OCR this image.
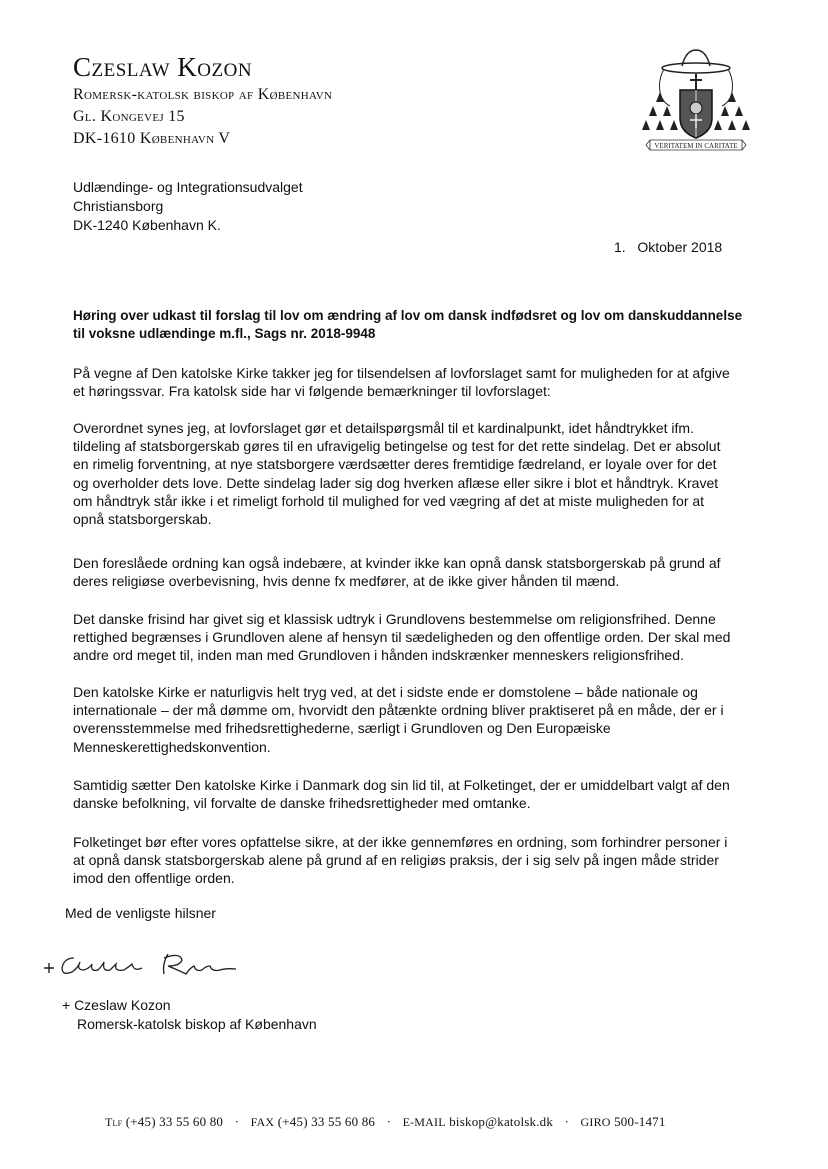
Czeslaw Kozon
Romersk-katolsk biskop af København
Gl. Kongevej 15
DK-1610 København V	VERITATEM IN CARITATE
Udlændinge- og Integrationsudvalget
Christiansborg
DK-1240 København K.
1.   Oktober 2018
Høring over udkast til forslag til lov om ændring af lov om dansk indfødsret og lov om danskuddannelse
til voksne udlændinge m.fl., Sags nr. 2018-9948
På vegne af Den katolske Kirke takker jeg for tilsendelsen af lovforslaget samt for muligheden for at afgive
et høringssvar. Fra katolsk side har vi følgende bemærkninger til lovforslaget:
Overordnet synes jeg, at lovforslaget gør et detailspørgsmål til et kardinalpunkt, idet håndtrykket ifm.
tildeling af statsborgerskab gøres til en ufravigelig betingelse og test for det rette sindelag. Det er absolut
en rimelig forventning, at nye statsborgere værdsætter deres fremtidige fædreland, er loyale over for det
og overholder dets love. Dette sindelag lader sig dog hverken aflæse eller sikre i blot et håndtryk. Kravet
om håndtryk står ikke i et rimeligt forhold til mulighed for ved vægring af det at miste muligheden for at
opnå statsborgerskab.
Den foreslåede ordning kan også indebære, at kvinder ikke kan opnå dansk statsborgerskab på grund af
deres religiøse overbevisning, hvis denne fx medfører, at de ikke giver hånden til mænd.
Det danske frisind har givet sig et klassisk udtryk i Grundlovens bestemmelse om religionsfrihed. Denne
rettighed begrænses i Grundloven alene af hensyn til sædeligheden og den offentlige orden. Der skal med
andre ord meget til, inden man med Grundloven i hånden indskrænker menneskers religionsfrihed.
Den katolske Kirke er naturligvis helt tryg ved, at det i sidste ende er domstolene – både nationale og
internationale – der må dømme om, hvorvidt den påtænkte ordning bliver praktiseret på en måde, der er i
overensstemmelse med frihedsrettighederne, særligt i Grundloven og Den Europæiske
Menneskerettighedskonvention.
Samtidig sætter Den katolske Kirke i Danmark dog sin lid til, at Folketinget, der er umiddelbart valgt af den
danske befolkning, vil forvalte de danske frihedsrettigheder med omtanke.
Folketinget bør efter vores opfattelse sikre, at der ikke gennemføres en ordning, som forhindrer personer i
at opnå dansk statsborgerskab alene på grund af en religiøs praksis, der i sig selv på ingen måde strider
imod den offentlige orden.
Med de venligste hilsner
+ Czeslaw Kozon
Romersk-katolsk biskop af København
Tlf (+45) 33 55 60 80 · FAX (+45) 33 55 60 86 · E-MAIL biskop@katolsk.dk · GIRO 500-1471
